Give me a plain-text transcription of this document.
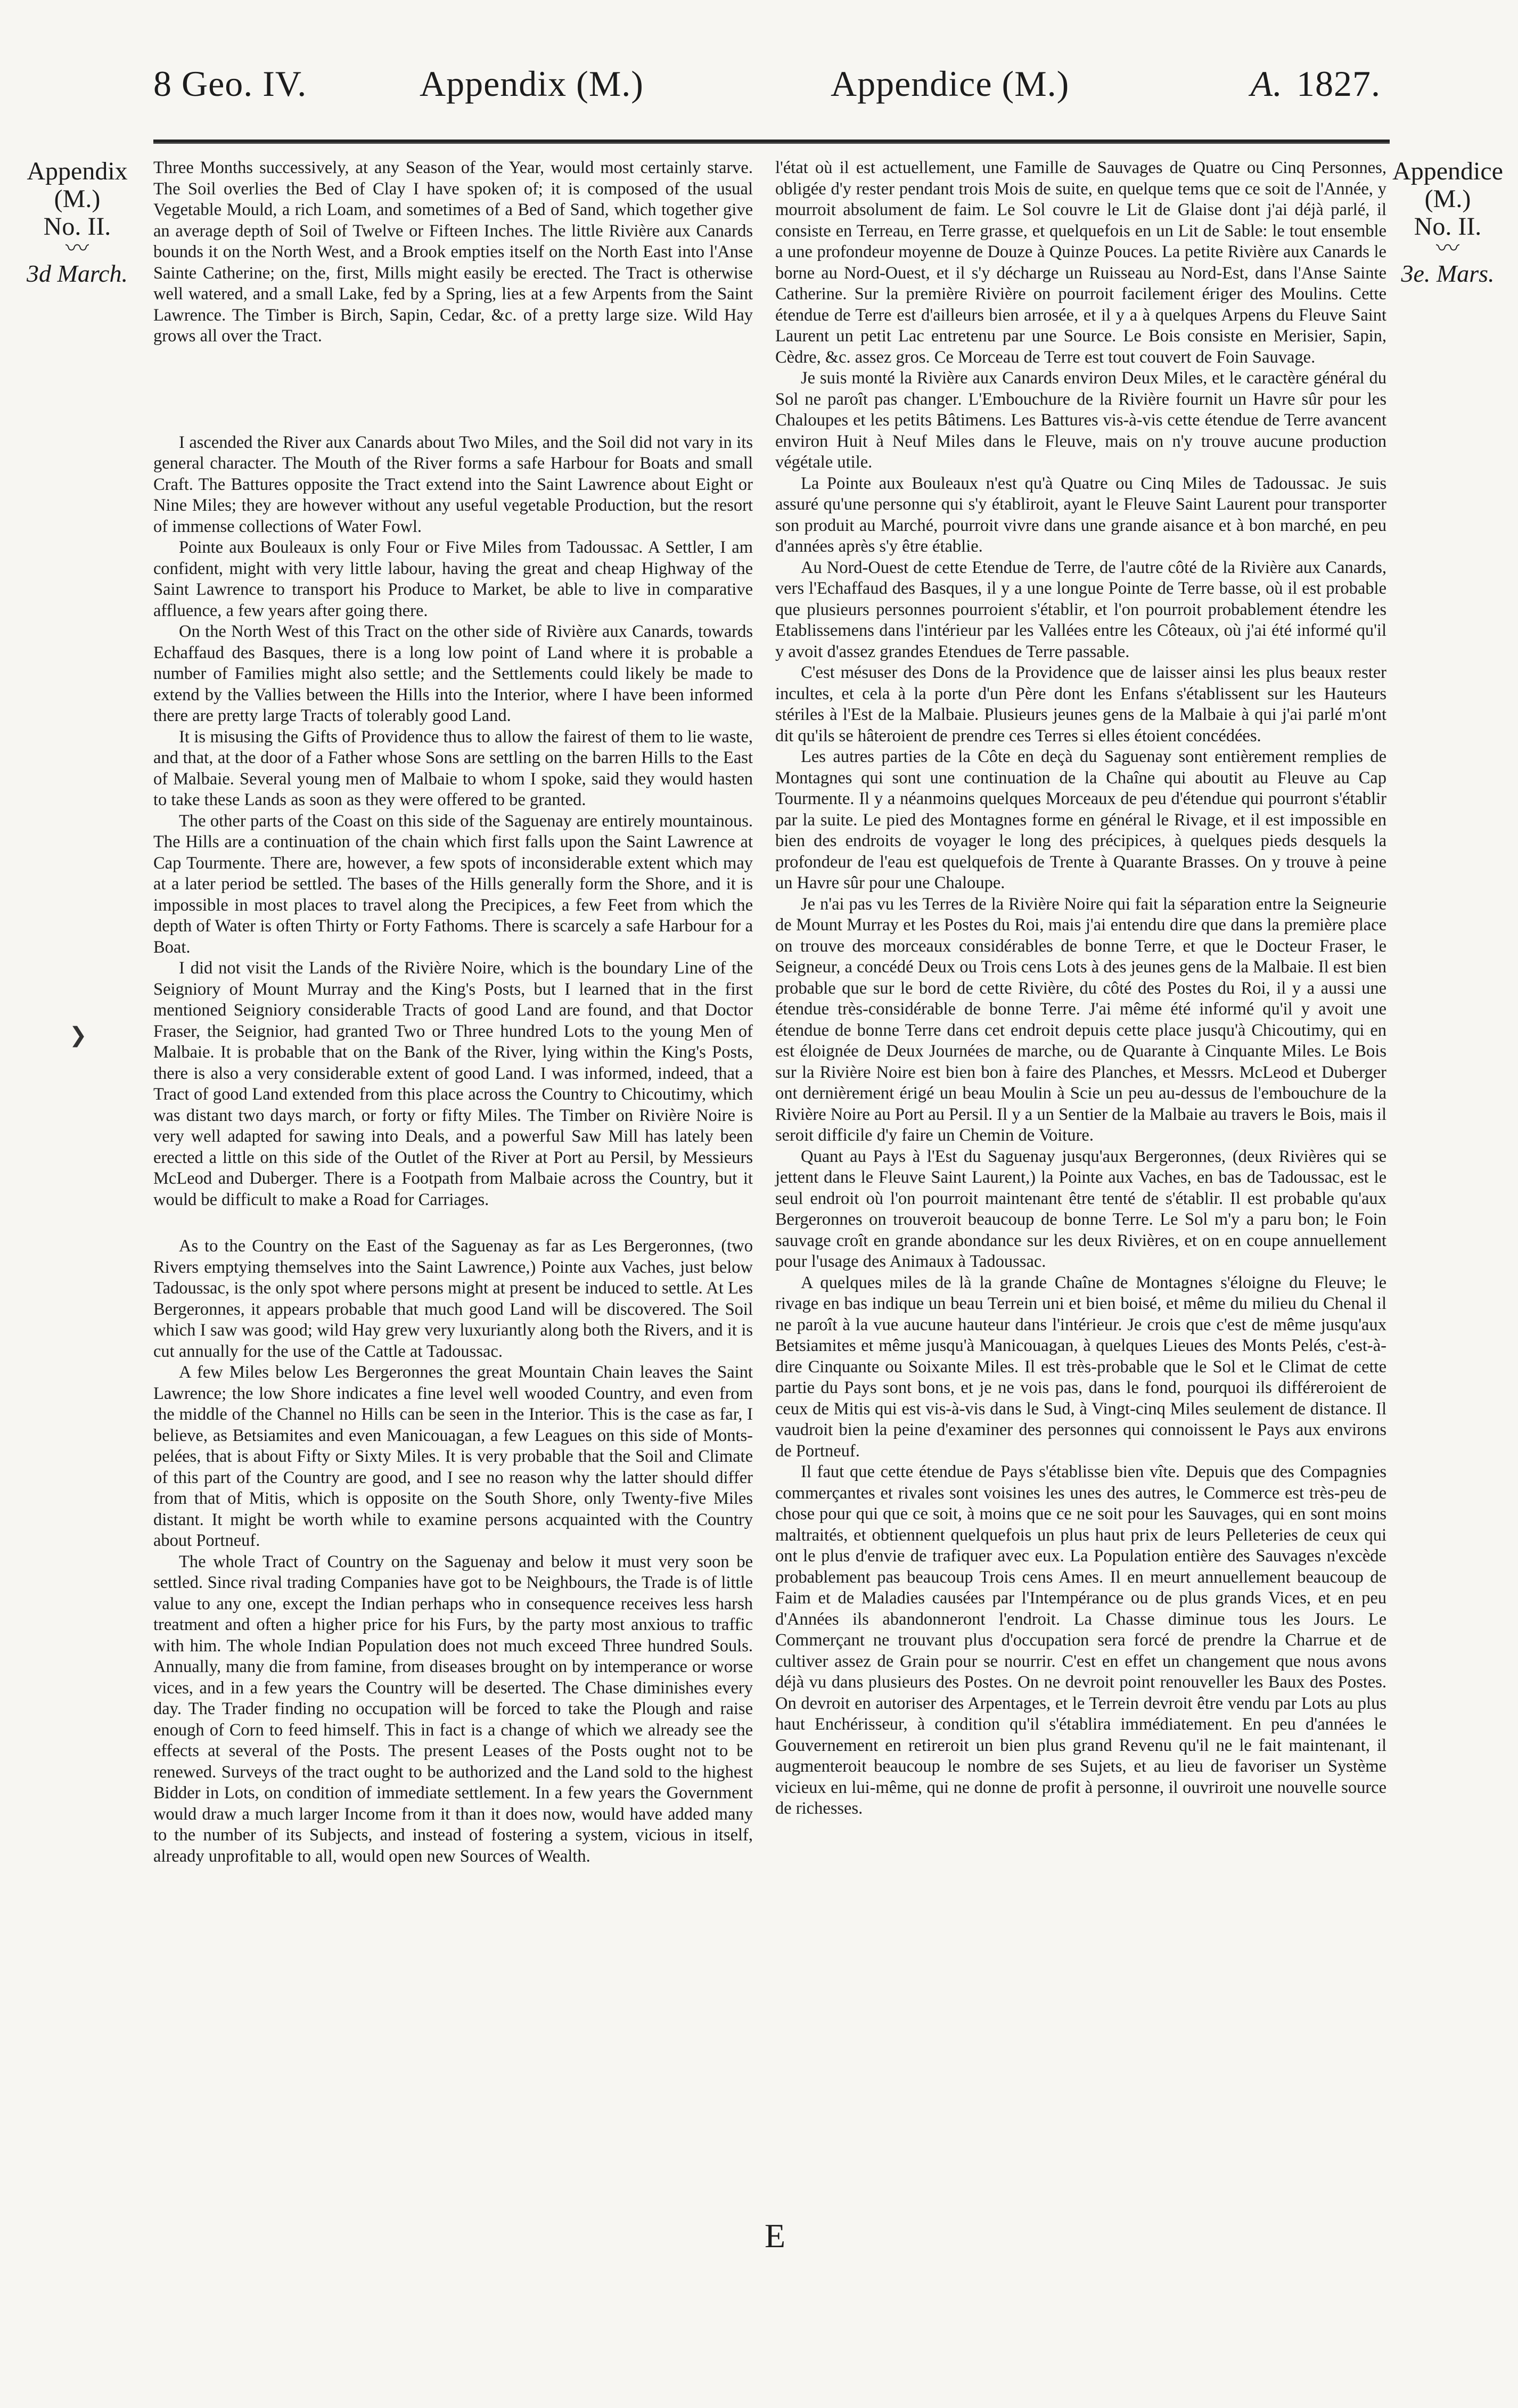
8 Geo. IV.	Appendix (M.)	Appendice (M.)	A. 1827.
Appendix
(M.)
No. II.
〰
3d March.
Appendice
(M.)
No. II.
〰
3e. Mars.
❯

Three Months successively, at any Season of the Year, would most certainly starve. The Soil overlies the Bed of Clay I have spoken of; it is composed of the usual Vegetable Mould, a rich Loam, and sometimes of a Bed of Sand, which together give an average depth of Soil of Twelve or Fifteen Inches. The little Rivière aux Canards bounds it on the North West, and a Brook empties itself on the North East into l'Anse Sainte Catherine; on the, first, Mills might easily be erected. The Tract is otherwise well watered, and a small Lake, fed by a Spring, lies at a few Arpents from the Saint Lawrence. The Timber is Birch, Sapin, Cedar, &c. of a pretty large size. Wild Hay grows all over the Tract.

I ascended the River aux Canards about Two Miles, and the Soil did not vary in its general character. The Mouth of the River forms a safe Harbour for Boats and small Craft. The Battures opposite the Tract extend into the Saint Lawrence about Eight or Nine Miles; they are however without any useful vegetable Production, but the resort of immense collections of Water Fowl.

Pointe aux Bouleaux is only Four or Five Miles from Tadoussac. A Settler, I am confident, might with very little labour, having the great and cheap Highway of the Saint Lawrence to transport his Produce to Market, be able to live in comparative affluence, a few years after going there.

On the North West of this Tract on the other side of Rivière aux Canards, towards Echaffaud des Basques, there is a long low point of Land where it is probable a number of Families might also settle; and the Settlements could likely be made to extend by the Vallies between the Hills into the Interior, where I have been informed there are pretty large Tracts of tolerably good Land.

It is misusing the Gifts of Providence thus to allow the fairest of them to lie waste, and that, at the door of a Father whose Sons are settling on the barren Hills to the East of Malbaie. Several young men of Malbaie to whom I spoke, said they would hasten to take these Lands as soon as they were offered to be granted.

The other parts of the Coast on this side of the Saguenay are entirely mountainous. The Hills are a continuation of the chain which first falls upon the Saint Lawrence at Cap Tourmente. There are, however, a few spots of inconsiderable extent which may at a later period be settled. The bases of the Hills generally form the Shore, and it is impossible in most places to travel along the Precipices, a few Feet from which the depth of Water is often Thirty or Forty Fathoms. There is scarcely a safe Harbour for a Boat.

I did not visit the Lands of the Rivière Noire, which is the boundary Line of the Seigniory of Mount Murray and the King's Posts, but I learned that in the first mentioned Seigniory considerable Tracts of good Land are found, and that Doctor Fraser, the Seignior, had granted Two or Three hundred Lots to the young Men of Malbaie. It is probable that on the Bank of the River, lying within the King's Posts, there is also a very considerable extent of good Land. I was informed, indeed, that a Tract of good Land extended from this place across the Country to Chicoutimy, which was distant two days march, or forty or fifty Miles. The Timber on Rivière Noire is very well adapted for sawing into Deals, and a powerful Saw Mill has lately been erected a little on this side of the Outlet of the River at Port au Persil, by Messieurs McLeod and Duberger. There is a Footpath from Malbaie across the Country, but it would be difficult to make a Road for Carriages.

As to the Country on the East of the Saguenay as far as Les Bergeronnes, (two Rivers emptying themselves into the Saint Lawrence,) Pointe aux Vaches, just below Tadoussac, is the only spot where persons might at present be induced to settle. At Les Bergeronnes, it appears probable that much good Land will be discovered. The Soil which I saw was good; wild Hay grew very luxuriantly along both the Rivers, and it is cut annually for the use of the Cattle at Tadoussac.

A few Miles below Les Bergeronnes the great Mountain Chain leaves the Saint Lawrence; the low Shore indicates a fine level well wooded Country, and even from the middle of the Channel no Hills can be seen in the Interior. This is the case as far, I believe, as Betsiamites and even Manicouagan, a few Leagues on this side of Monts-pelées, that is about Fifty or Sixty Miles. It is very probable that the Soil and Climate of this part of the Country are good, and I see no reason why the latter should differ from that of Mitis, which is opposite on the South Shore, only Twenty-five Miles distant. It might be worth while to examine persons acquainted with the Country about Portneuf.

The whole Tract of Country on the Saguenay and below it must very soon be settled. Since rival trading Companies have got to be Neighbours, the Trade is of little value to any one, except the Indian perhaps who in consequence receives less harsh treatment and often a higher price for his Furs, by the party most anxious to traffic with him. The whole Indian Population does not much exceed Three hundred Souls. Annually, many die from famine, from diseases brought on by intemperance or worse vices, and in a few years the Country will be deserted. The Chase diminishes every day. The Trader finding no occupation will be forced to take the Plough and raise enough of Corn to feed himself. This in fact is a change of which we already see the effects at several of the Posts. The present Leases of the Posts ought not to be renewed. Surveys of the tract ought to be authorized and the Land sold to the highest Bidder in Lots, on condition of immediate settlement. In a few years the Government would draw a much larger Income from it than it does now, would have added many to the number of its Subjects, and instead of fostering a system, vicious in itself, already unprofitable to all, would open new Sources of Wealth.

l'état où il est actuellement, une Famille de Sauvages de Quatre ou Cinq Personnes, obligée d'y rester pendant trois Mois de suite, en quelque tems que ce soit de l'Année, y mourroit absolument de faim. Le Sol couvre le Lit de Glaise dont j'ai déjà parlé, il consiste en Terreau, en Terre grasse, et quelquefois en un Lit de Sable: le tout ensemble a une profondeur moyenne de Douze à Quinze Pouces. La petite Rivière aux Canards le borne au Nord-Ouest, et il s'y décharge un Ruisseau au Nord-Est, dans l'Anse Sainte Catherine. Sur la première Rivière on pourroit facilement ériger des Moulins. Cette étendue de Terre est d'ailleurs bien arrosée, et il y a à quelques Arpens du Fleuve Saint Laurent un petit Lac entretenu par une Source. Le Bois consiste en Merisier, Sapin, Cèdre, &c. assez gros. Ce Morceau de Terre est tout couvert de Foin Sauvage.

Je suis monté la Rivière aux Canards environ Deux Miles, et le caractère général du Sol ne paroît pas changer. L'Embouchure de la Rivière fournit un Havre sûr pour les Chaloupes et les petits Bâtimens. Les Battures vis-à-vis cette étendue de Terre avancent environ Huit à Neuf Miles dans le Fleuve, mais on n'y trouve aucune production végétale utile.

La Pointe aux Bouleaux n'est qu'à Quatre ou Cinq Miles de Tadoussac. Je suis assuré qu'une personne qui s'y établiroit, ayant le Fleuve Saint Laurent pour transporter son produit au Marché, pourroit vivre dans une grande aisance et à bon marché, en peu d'années après s'y être établie.

Au Nord-Ouest de cette Etendue de Terre, de l'autre côté de la Rivière aux Canards, vers l'Echaffaud des Basques, il y a une longue Pointe de Terre basse, où il est probable que plusieurs personnes pourroient s'établir, et l'on pourroit probablement étendre les Etablissemens dans l'intérieur par les Vallées entre les Côteaux, où j'ai été informé qu'il y avoit d'assez grandes Etendues de Terre passable.

C'est mésuser des Dons de la Providence que de laisser ainsi les plus beaux rester incultes, et cela à la porte d'un Père dont les Enfans s'établissent sur les Hauteurs stériles à l'Est de la Malbaie. Plusieurs jeunes gens de la Malbaie à qui j'ai parlé m'ont dit qu'ils se hâteroient de prendre ces Terres si elles étoient concédées.

Les autres parties de la Côte en deçà du Saguenay sont entièrement remplies de Montagnes qui sont une continuation de la Chaîne qui aboutit au Fleuve au Cap Tourmente. Il y a néanmoins quelques Morceaux de peu d'étendue qui pourront s'établir par la suite. Le pied des Montagnes forme en général le Rivage, et il est impossible en bien des endroits de voyager le long des précipices, à quelques pieds desquels la profondeur de l'eau est quelquefois de Trente à Quarante Brasses. On y trouve à peine un Havre sûr pour une Chaloupe.

Je n'ai pas vu les Terres de la Rivière Noire qui fait la séparation entre la Seigneurie de Mount Murray et les Postes du Roi, mais j'ai entendu dire que dans la première place on trouve des morceaux considérables de bonne Terre, et que le Docteur Fraser, le Seigneur, a concédé Deux ou Trois cens Lots à des jeunes gens de la Malbaie. Il est bien probable que sur le bord de cette Rivière, du côté des Postes du Roi, il y a aussi une étendue très-considérable de bonne Terre. J'ai même été informé qu'il y avoit une étendue de bonne Terre dans cet endroit depuis cette place jusqu'à Chicoutimy, qui en est éloignée de Deux Journées de marche, ou de Quarante à Cinquante Miles. Le Bois sur la Rivière Noire est bien bon à faire des Planches, et Messrs. McLeod et Duberger ont dernièrement érigé un beau Moulin à Scie un peu au-dessus de l'embouchure de la Rivière Noire au Port au Persil. Il y a un Sentier de la Malbaie au travers le Bois, mais il seroit difficile d'y faire un Chemin de Voiture.

Quant au Pays à l'Est du Saguenay jusqu'aux Bergeronnes, (deux Rivières qui se jettent dans le Fleuve Saint Laurent,) la Pointe aux Vaches, en bas de Tadoussac, est le seul endroit où l'on pourroit maintenant être tenté de s'établir. Il est probable qu'aux Bergeronnes on trouveroit beaucoup de bonne Terre. Le Sol m'y a paru bon; le Foin sauvage croît en grande abondance sur les deux Rivières, et on en coupe annuellement pour l'usage des Animaux à Tadoussac.

A quelques miles de là la grande Chaîne de Montagnes s'éloigne du Fleuve; le rivage en bas indique un beau Terrein uni et bien boisé, et même du milieu du Chenal il ne paroît à la vue aucune hauteur dans l'intérieur. Je crois que c'est de même jusqu'aux Betsiamites et même jusqu'à Manicouagan, à quelques Lieues des Monts Pelés, c'est-à-dire Cinquante ou Soixante Miles. Il est très-probable que le Sol et le Climat de cette partie du Pays sont bons, et je ne vois pas, dans le fond, pourquoi ils différeroient de ceux de Mitis qui est vis-à-vis dans le Sud, à Vingt-cinq Miles seulement de distance. Il vaudroit bien la peine d'examiner des personnes qui connoissent le Pays aux environs de Portneuf.

Il faut que cette étendue de Pays s'établisse bien vîte. Depuis que des Compagnies commerçantes et rivales sont voisines les unes des autres, le Commerce est très-peu de chose pour qui que ce soit, à moins que ce ne soit pour les Sauvages, qui en sont moins maltraités, et obtiennent quelquefois un plus haut prix de leurs Pelleteries de ceux qui ont le plus d'envie de trafiquer avec eux. La Population entière des Sauvages n'excède probablement pas beaucoup Trois cens Ames. Il en meurt annuellement beaucoup de Faim et de Maladies causées par l'Intempérance ou de plus grands Vices, et en peu d'Années ils abandonneront l'endroit. La Chasse diminue tous les Jours. Le Commerçant ne trouvant plus d'occupation sera forcé de prendre la Charrue et de cultiver assez de Grain pour se nourrir. C'est en effet un changement que nous avons déjà vu dans plusieurs des Postes. On ne devroit point renouveller les Baux des Postes. On devroit en autoriser des Arpentages, et le Terrein devroit être vendu par Lots au plus haut Enchérisseur, à condition qu'il s'établira immédiatement. En peu d'années le Gouvernement en retireroit un bien plus grand Revenu qu'il ne le fait maintenant, il augmenteroit beaucoup le nombre de ses Sujets, et au lieu de favoriser un Système vicieux en lui-même, qui ne donne de profit à personne, il ouvriroit une nouvelle source de richesses.

E
